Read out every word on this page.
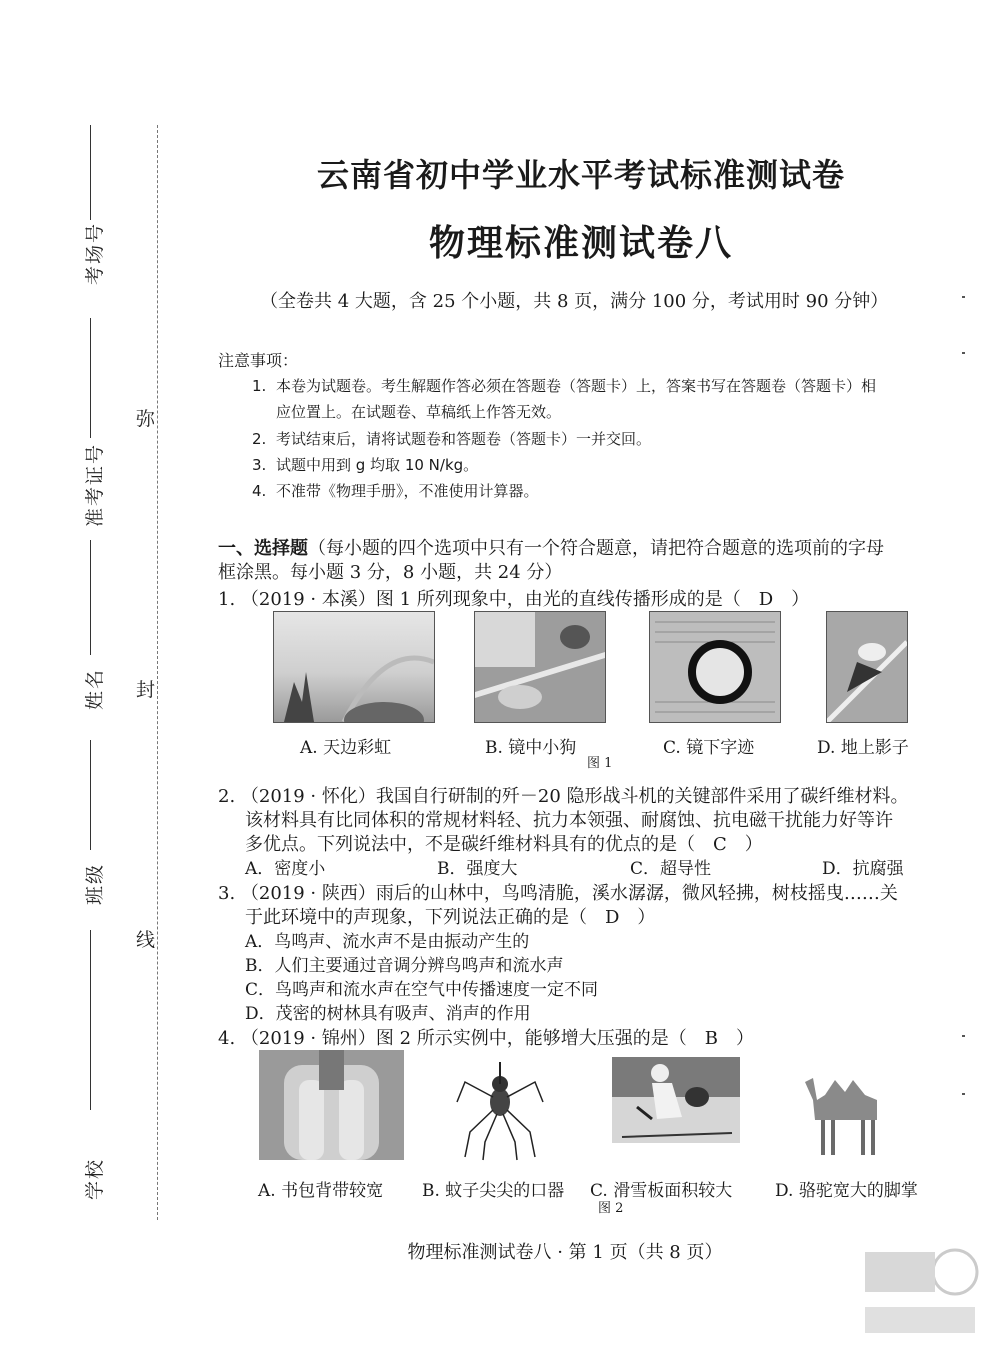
考场号
准考证号
姓名
班级
学校
弥
封
线
云南省初中学业水平考试标准测试卷
物理标准测试卷八
（全卷共 4 大题，含 25 个小题，共 8 页，满分 100 分，考试用时 90 分钟）
注意事项：
1. 本卷为试题卷。考生解题作答必须在答题卷（答题卡）上，答案书写在答题卷（答题卡）相
应位置上。在试题卷、草稿纸上作答无效。
2. 考试结束后，请将试题卷和答题卷（答题卡）一并交回。
3. 试题中用到 g 均取 10 N/kg。
4. 不准带《物理手册》，不准使用计算器。
一、选择题（每小题的四个选项中只有一个符合题意，请把符合题意的选项前的字母
框涂黑。每小题 3 分，8 小题，共 24 分）
1. （2019 · 本溪）图 1 所列现象中，由光的直线传播形成的是（　D　）
A. 天边彩虹	B. 镜中小狗	C. 镜下字迹	D. 地上影子
图 1
2. （2019 · 怀化）我国自行研制的歼－20 隐形战斗机的关键部件采用了碳纤维材料。
该材料具有比同体积的常规材料轻、抗力本领强、耐腐蚀、抗电磁干扰能力好等许
多优点。下列说法中，不是碳纤维材料具有的优点的是（　C　）
A．密度小	B．强度大	C．超导性	D．抗腐强
3. （2019 · 陕西）雨后的山林中，鸟鸣清脆，溪水潺潺，微风轻拂，树枝摇曳……关
于此环境中的声现象，下列说法正确的是（　D　）
A．鸟鸣声、流水声不是由振动产生的
B．人们主要通过音调分辨鸟鸣声和流水声
C．鸟鸣声和流水声在空气中传播速度一定不同
D．茂密的树林具有吸声、消声的作用
4. （2019 · 锦州）图 2 所示实例中，能够增大压强的是（　B　）
A. 书包背带较宽 B. 蚊子尖尖的口器 C. 滑雪板面积较大	D. 骆驼宽大的脚掌
图 2
物理标准测试卷八 · 第 1 页（共 8 页）
